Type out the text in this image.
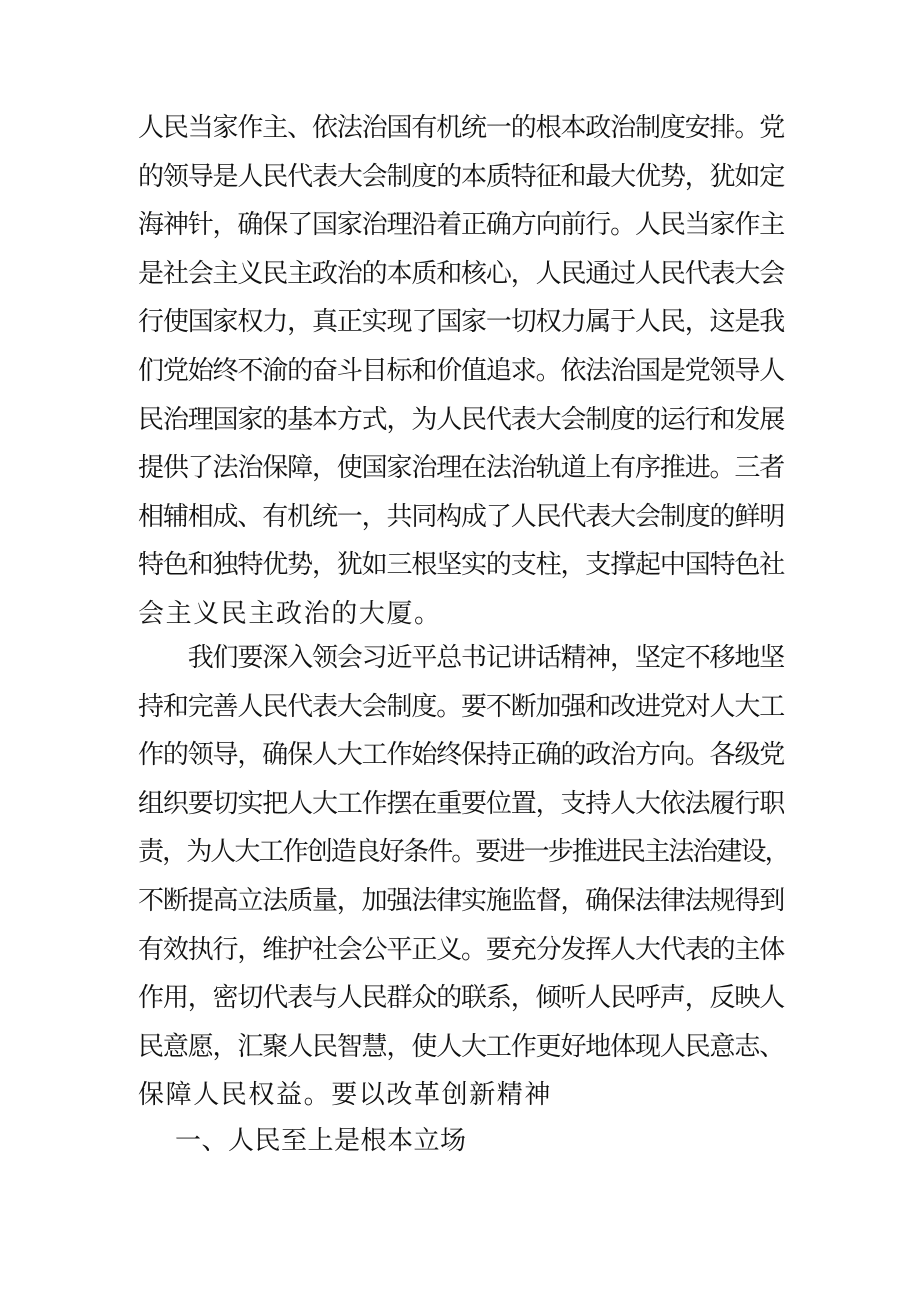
人民当家作主、依法治国有机统一的根本政治制度安排。党
的领导是人民代表大会制度的本质特征和最大优势，犹如定
海神针，确保了国家治理沿着正确方向前行。人民当家作主
是社会主义民主政治的本质和核心，人民通过人民代表大会
行使国家权力，真正实现了国家一切权力属于人民，这是我
们党始终不渝的奋斗目标和价值追求。依法治国是党领导人
民治理国家的基本方式，为人民代表大会制度的运行和发展
提供了法治保障，使国家治理在法治轨道上有序推进。三者
相辅相成、有机统一，共同构成了人民代表大会制度的鲜明
特色和独特优势，犹如三根坚实的支柱，支撑起中国特色社
会主义民主政治的大厦。

　　我们要深入领会习近平总书记讲话精神，坚定不移地坚
持和完善人民代表大会制度。要不断加强和改进党对人大工
作的领导，确保人大工作始终保持正确的政治方向。各级党
组织要切实把人大工作摆在重要位置，支持人大依法履行职
责，为人大工作创造良好条件。要进一步推进民主法治建设，
不断提高立法质量，加强法律实施监督，确保法律法规得到
有效执行，维护社会公平正义。要充分发挥人大代表的主体
作用，密切代表与人民群众的联系，倾听人民呼声，反映人
民意愿，汇聚人民智慧，使人大工作更好地体现人民意志、
保障人民权益。要以改革创新精神

一、人民至上是根本立场
